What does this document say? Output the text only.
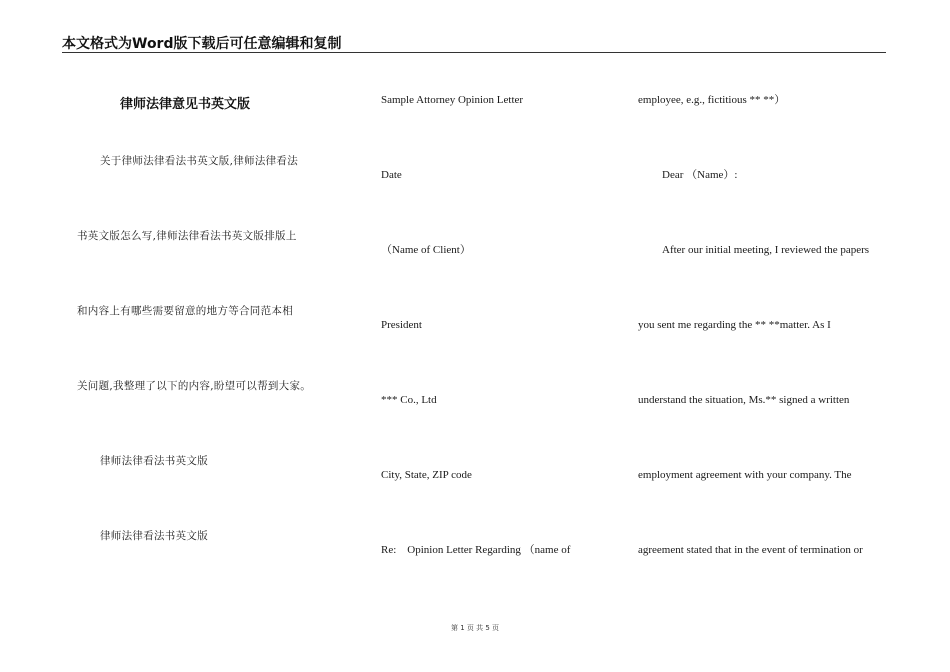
本文格式为Word版下载后可任意编辑和复制
律师法律意见书英文版
关于律师法律看法书英文版,律师法律看法
书英文版怎么写,律师法律看法书英文版排版上
和内容上有哪些需要留意的地方等合同范本相
关问题,我整理了以下的内容,盼望可以帮到大家。
律师法律看法书英文版
律师法律看法书英文版
Sample Attorney Opinion Letter
Date
（Name of Client）
President
*** Co., Ltd
City, State, ZIP code
Re:　Opinion Letter Regarding （name of
employee, e.g., fictitious ** **）
Dear （Name）:
After our initial meeting, I reviewed the papers
you sent me regarding the ** **matter. As I
understand the situation, Ms.** signed a written
employment agreement with your company. The
agreement stated that in the event of termination or
第 1 页 共 5 页
